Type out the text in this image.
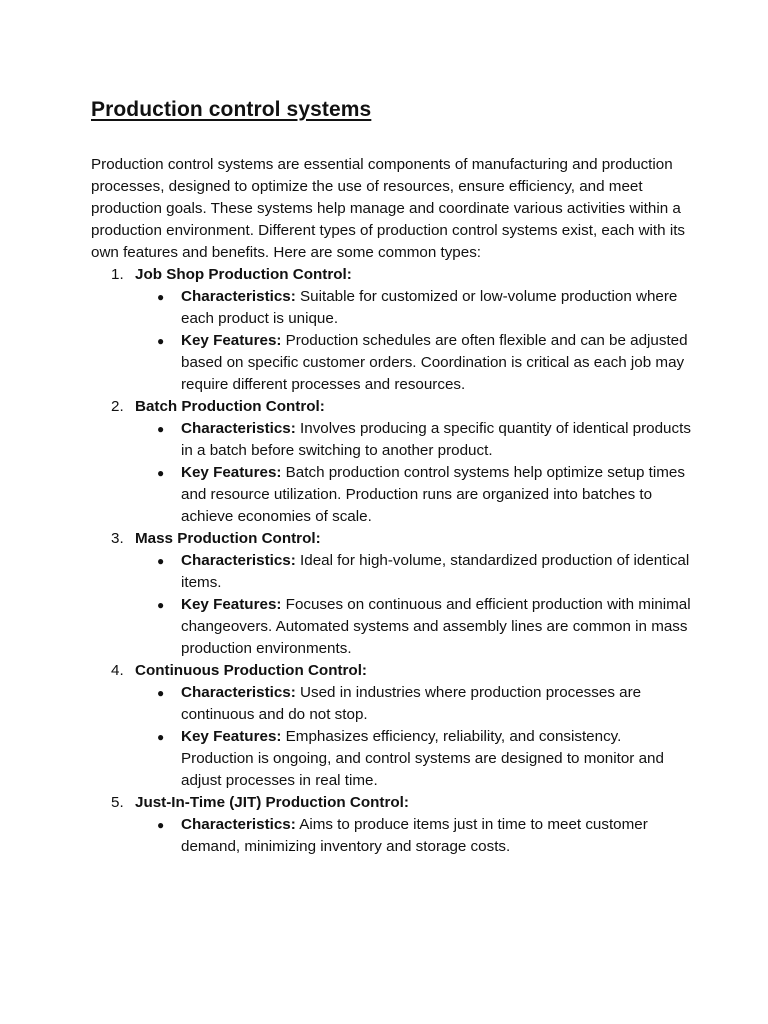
Production control systems

Production control systems are essential components of manufacturing and production processes, designed to optimize the use of resources, ensure efficiency, and meet production goals. These systems help manage and coordinate various activities within a production environment. Different types of production control systems exist, each with its own features and benefits. Here are some common types:

1. Job Shop Production Control:
● Characteristics: Suitable for customized or low-volume production where each product is unique.
● Key Features: Production schedules are often flexible and can be adjusted based on specific customer orders. Coordination is critical as each job may require different processes and resources.
2. Batch Production Control:
● Characteristics: Involves producing a specific quantity of identical products in a batch before switching to another product.
● Key Features: Batch production control systems help optimize setup times and resource utilization. Production runs are organized into batches to achieve economies of scale.
3. Mass Production Control:
● Characteristics: Ideal for high-volume, standardized production of identical items.
● Key Features: Focuses on continuous and efficient production with minimal changeovers. Automated systems and assembly lines are common in mass production environments.
4. Continuous Production Control:
● Characteristics: Used in industries where production processes are continuous and do not stop.
● Key Features: Emphasizes efficiency, reliability, and consistency. Production is ongoing, and control systems are designed to monitor and adjust processes in real time.
5. Just-In-Time (JIT) Production Control:
● Characteristics: Aims to produce items just in time to meet customer demand, minimizing inventory and storage costs.
